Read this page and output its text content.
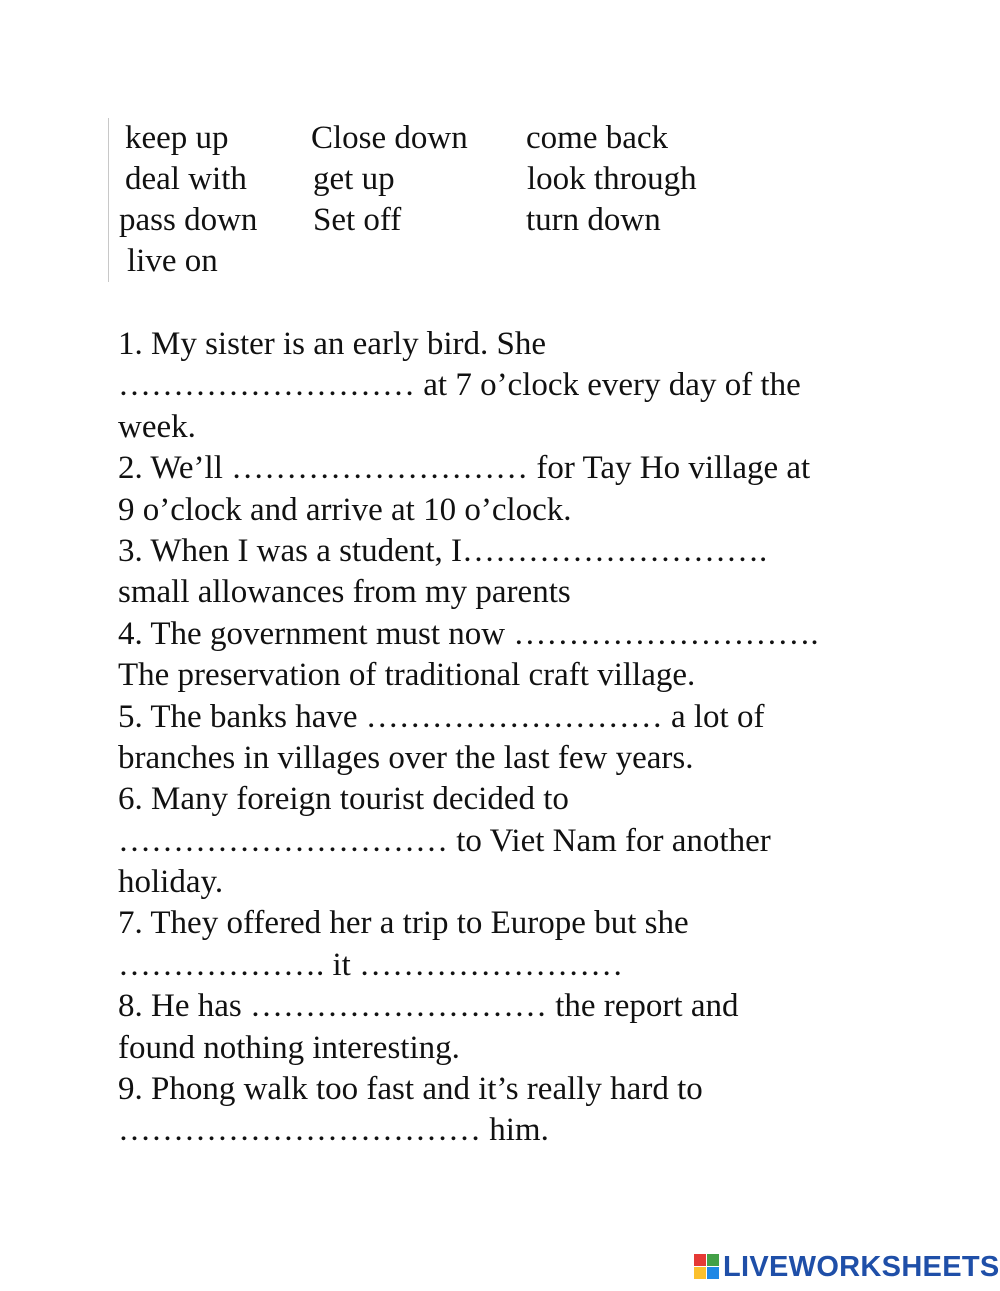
keep up Close down come back
deal with get up	look through
pass down Set off	turn down
live on
1. My sister is an early bird. She
……………………… at 7 o’clock every day of the
week.
2. We’ll ……………………… for Tay Ho village at
9 o’clock and arrive at 10 o’clock.
3. When I was a student, I……………………….
small allowances from my parents
4. The government must now ……………………….
The preservation of traditional craft village.
5. The banks have ……………………… a lot of
branches in villages over the last few years.
6. Many foreign tourist decided to
………………………… to Viet Nam for another
holiday.
7. They offered her a trip to Europe but she
………………. it ……………………
8. He has ……………………… the report and
found nothing interesting.
9. Phong walk too fast and it’s really hard to
…………………………… him.
LIVEWORKSHEETS
